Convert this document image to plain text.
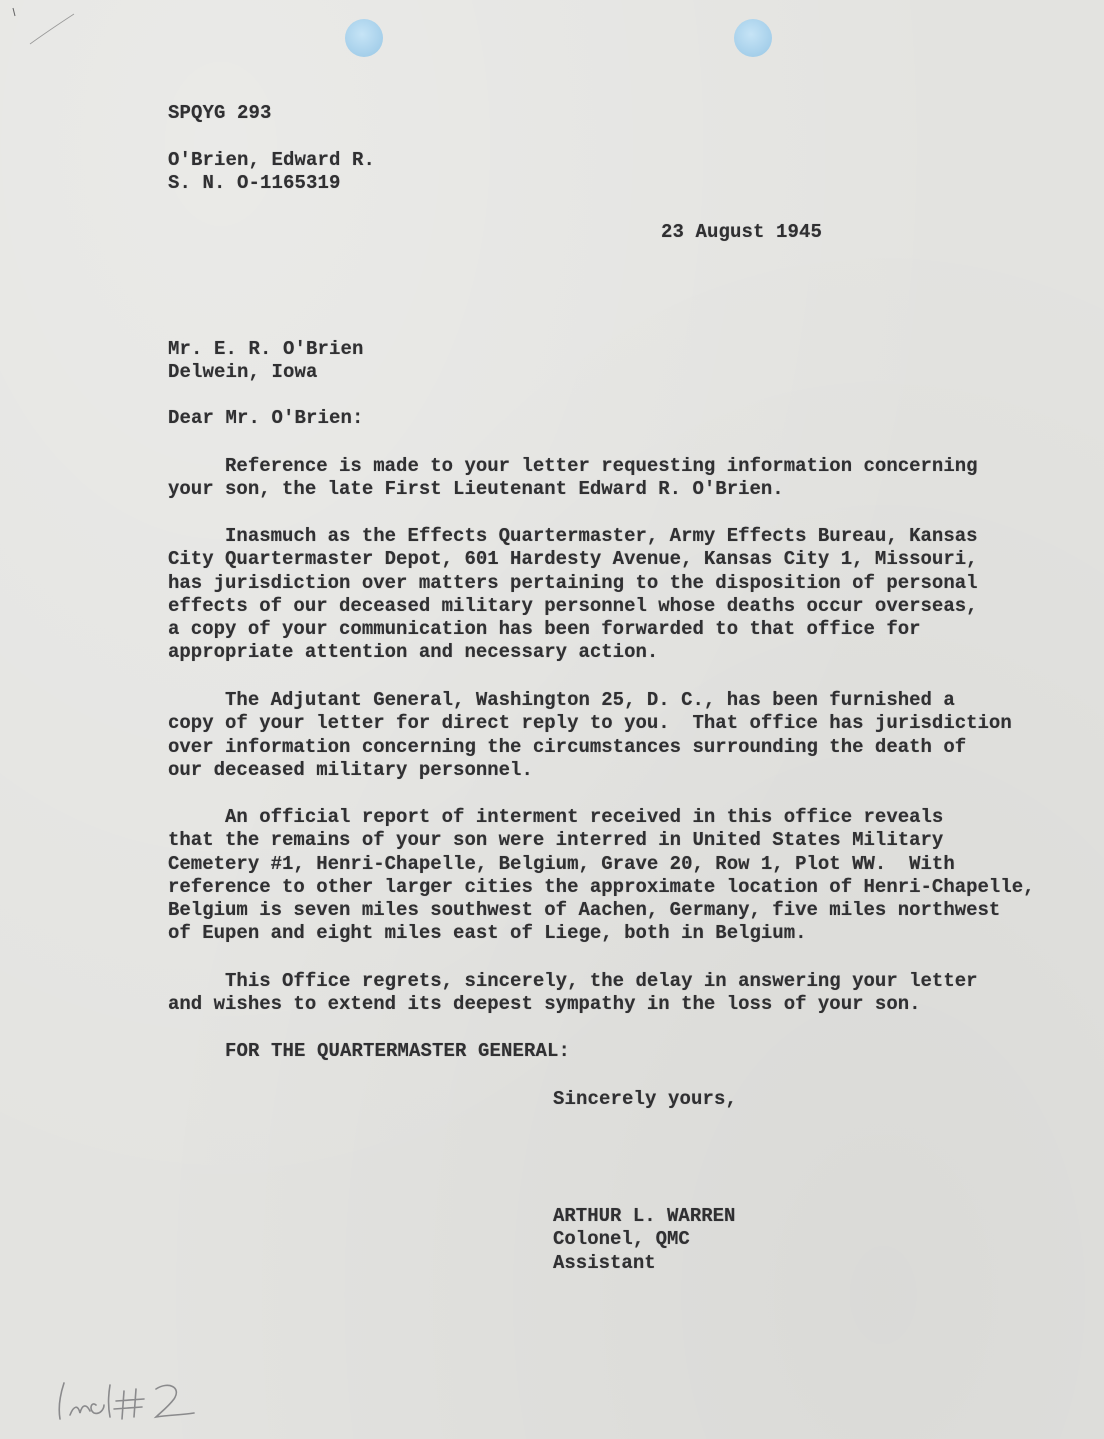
SPQYG 293
O'Brien, Edward R.
S. N. O-1165319
23 August 1945
Mr. E. R. O'Brien
Delwein, Iowa
Dear Mr. O'Brien:
Reference is made to your letter requesting information concerning
your son, the late First Lieutenant Edward R. O'Brien.
Inasmuch as the Effects Quartermaster, Army Effects Bureau, Kansas
City Quartermaster Depot, 601 Hardesty Avenue, Kansas City 1, Missouri,
has jurisdiction over matters pertaining to the disposition of personal
effects of our deceased military personnel whose deaths occur overseas,
a copy of your communication has been forwarded to that office for
appropriate attention and necessary action.
The Adjutant General, Washington 25, D. C., has been furnished a
copy of your letter for direct reply to you.  That office has jurisdiction
over information concerning the circumstances surrounding the death of
our deceased military personnel.
An official report of interment received in this office reveals
that the remains of your son were interred in United States Military
Cemetery #1, Henri-Chapelle, Belgium, Grave 20, Row 1, Plot WW.  With
reference to other larger cities the approximate location of Henri-Chapelle,
Belgium is seven miles southwest of Aachen, Germany, five miles northwest
of Eupen and eight miles east of Liege, both in Belgium.
This Office regrets, sincerely, the delay in answering your letter
and wishes to extend its deepest sympathy in the loss of your son.
FOR THE QUARTERMASTER GENERAL:
Sincerely yours,
ARTHUR L. WARREN
Colonel, QMC
Assistant
